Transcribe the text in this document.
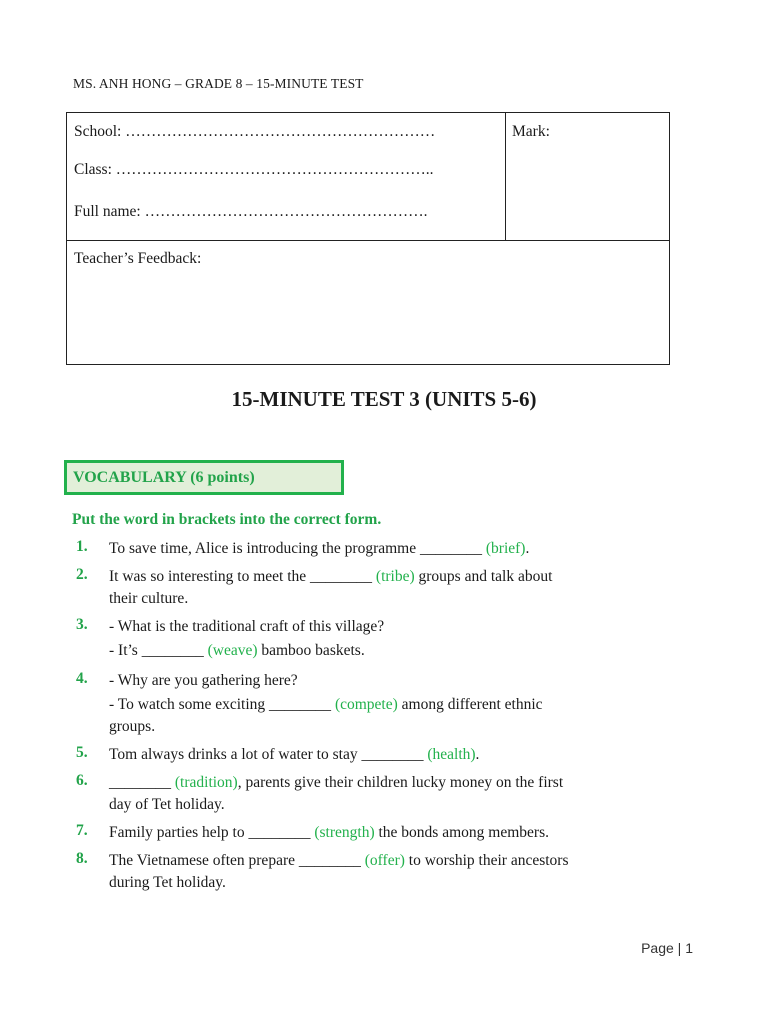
MS. ANH HONG – GRADE 8 – 15-MINUTE TEST
School: ……………………………………………………
Class: ……………………………………………………..
Full name: ……………………………………………….
Mark:
Teacher’s Feedback:
15-MINUTE TEST 3 (UNITS 5-6)
VOCABULARY (6 points)
Put the word in brackets into the correct form.
1. To save time, Alice is introducing the programme ________ (brief).
2. It was so interesting to meet the ________ (tribe) groups and talk about
their culture.
3. - What is the traditional craft of this village?
- It’s ________ (weave) bamboo baskets.
4. - Why are you gathering here?
- To watch some exciting ________ (compete) among different ethnic
groups.
5. Tom always drinks a lot of water to stay ________ (health).
6. ________ (tradition), parents give their children lucky money on the first
day of Tet holiday.
7. Family parties help to ________ (strength) the bonds among members.
8. The Vietnamese often prepare ________ (offer) to worship their ancestors
during Tet holiday.
Page | 1
